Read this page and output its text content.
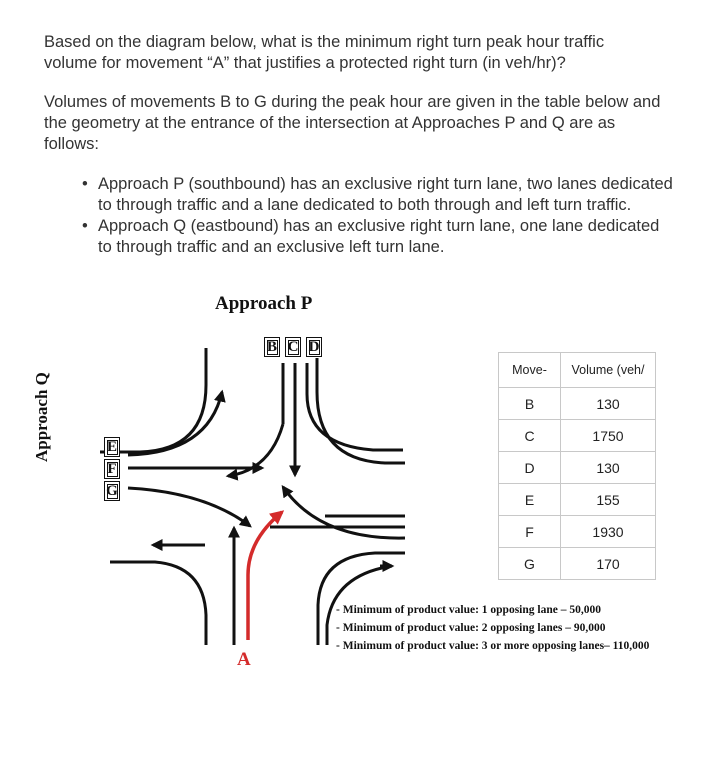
Based on the diagram below, what is the minimum right turn peak hour traffic
volume for movement “A” that justifies a protected right turn (in veh/hr)?
Volumes of movements B to G during the peak hour are given in the table below and
the geometry at the entrance of the intersection at Approaches P and Q are as
follows:
• Approach P (southbound) has an exclusive right turn lane, two lanes dedicated
to through traffic and a lane dedicated to both through and left turn traffic.
• Approach Q (eastbound) has an exclusive right turn lane, one lane dedicated
to through traffic and an exclusive left turn lane.
Approach P
Approach Q
B C D
E
F
G
A
Move-	Volume (veh/
B	130
C	1750
D	130
E	155
F	1930
G	170
- Minimum of product value: 1 opposing lane – 50,000
- Minimum of product value: 2 opposing lanes – 90,000
- Minimum of product value: 3 or more opposing lanes– 110,000
